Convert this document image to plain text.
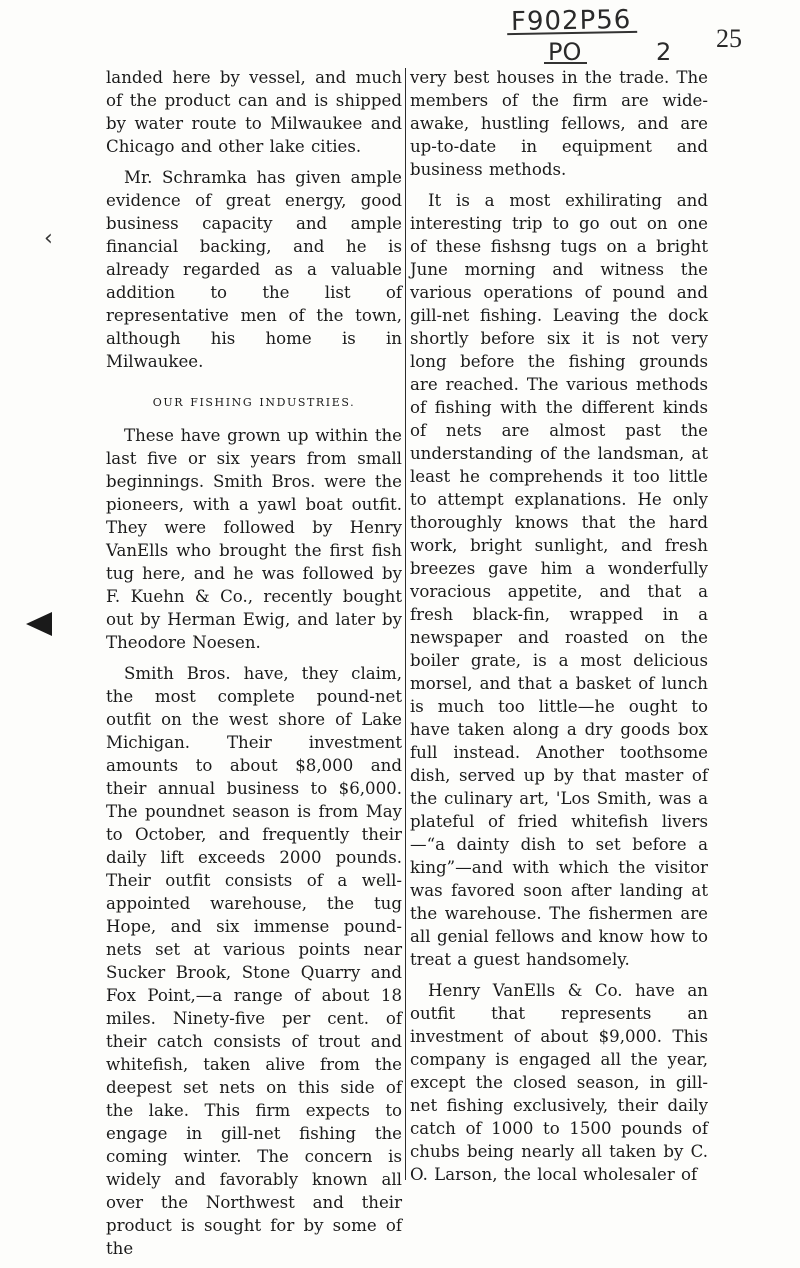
F902P56
PO	2 25
‹

landed here by vessel, and much of the product can and is shipped by water route to Milwaukee and Chicago and other lake cities.

Mr. Schramka has given ample evidence of great energy, good business capacity and ample financial backing, and he is already regarded as a valuable addition to the list of representative men of the town, although his home is in Milwaukee.

OUR FISHING INDUSTRIES.

These have grown up within the last five or six years from small beginnings. Smith Bros. were the pioneers, with a yawl boat outfit. They were followed by Henry VanElls who brought the first fish tug here, and he was followed by F. Kuehn & Co., recently bought out by Herman Ewig, and later by Theodore Noesen.

Smith Bros. have, they claim, the most complete pound-net outfit on the west shore of Lake Michigan. Their investment amounts to about $8,000 and their annual business to $6,000. The poundnet season is from May to October, and frequently their daily lift exceeds 2000 pounds. Their outfit consists of a well-appointed warehouse, the tug Hope, and six immense pound-nets set at various points near Sucker Brook, Stone Quarry and Fox Point,—a range of about 18 miles. Ninety-five per cent. of their catch consists of trout and whitefish, taken alive from the deepest set nets on this side of the lake. This firm expects to engage in gill-net fishing the coming winter. The concern is widely and favorably known all over the Northwest and their product is sought for by some of the

very best houses in the trade. The members of the firm are wide-awake, hustling fellows, and are up-to-date in equipment and business methods.

It is a most exhilirating and interesting trip to go out on one of these fishsng tugs on a bright June morning and witness the various operations of pound and gill-net fishing. Leaving the dock shortly before six it is not very long before the fishing grounds are reached. The various methods of fishing with the different kinds of nets are almost past the understanding of the landsman, at least he comprehends it too little to attempt explanations. He only thoroughly knows that the hard work, bright sunlight, and fresh breezes gave him a wonderfully voracious appetite, and that a fresh black-fin, wrapped in a newspaper and roasted on the boiler grate, is a most delicious morsel, and that a basket of lunch is much too little—he ought to have taken along a dry goods box full instead. Another toothsome dish, served up by that master of the culinary art, 'Los Smith, was a plateful of fried whitefish livers —“a dainty dish to set before a king”—and with which the visitor was favored soon after landing at the warehouse. The fishermen are all genial fellows and know how to treat a guest handsomely.

Henry VanElls & Co. have an outfit that represents an investment of about $9,000. This company is engaged all the year, except the closed season, in gill-net fishing exclusively, their daily catch of 1000 to 1500 pounds of chubs being nearly all taken by C. O. Larson, the local wholesaler of
